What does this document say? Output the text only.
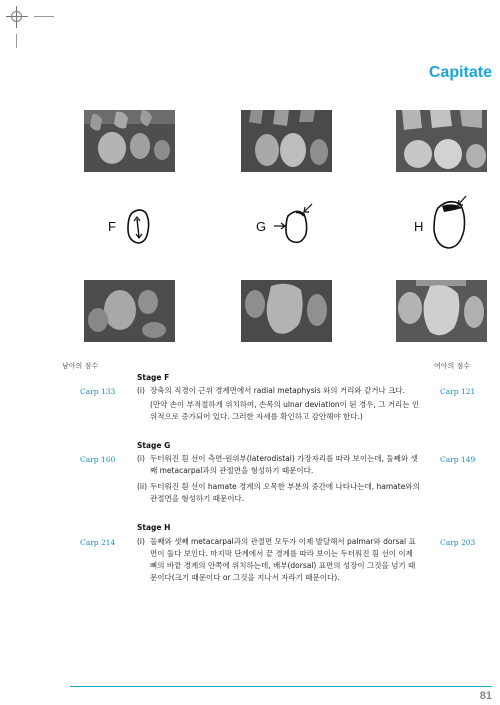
Capitate
F	G	H
남아의 점수	여아의 점수
Stage F
Carp 133	Carp 121
(i) 장축의 직경이 근위 경계면에서 radial metaphysis 와의 거리와 같거나 크다.
(만약 손이 부적절하게 위치하여, 손목의 ulnar deviation이 된 경우, 그 거리는 인위적으로 증가되어 있다. 그러한 자세를 확인하고 감안해야 한다.)
Stage G
Carp 160	Carp 149
(i) 두터워진 흰 선이 측면-원위부(laterodistal) 가장자리를 따라 보이는데, 둘째와 셋째 metacarpal과의 관절면을 형성하기 때문이다.
(ii) 두터워진 흰 선이 hamate 경계의 오목한 부분의 중간에 나타나는데, hamate와의 관절면을 형성하기 때문이다.
Stage H
Carp 214	Carp 203
(i) 둘째와 셋째 metacarpal과의 관절면 모두가 이제 발달해서 palmar와 dorsal 표면이 둘다 보인다. 마지막 단계에서 끝 경계를 따라 보이는 두터워진 흰 선이 이제 뼈의 바깥 경계의 안쪽에 위치하는데, 배부(dorsal) 표면의 성장이 그것을 넘기 때문이다(크기 때문이다 or 그것을 지나서 자라기 때문이다).
81
